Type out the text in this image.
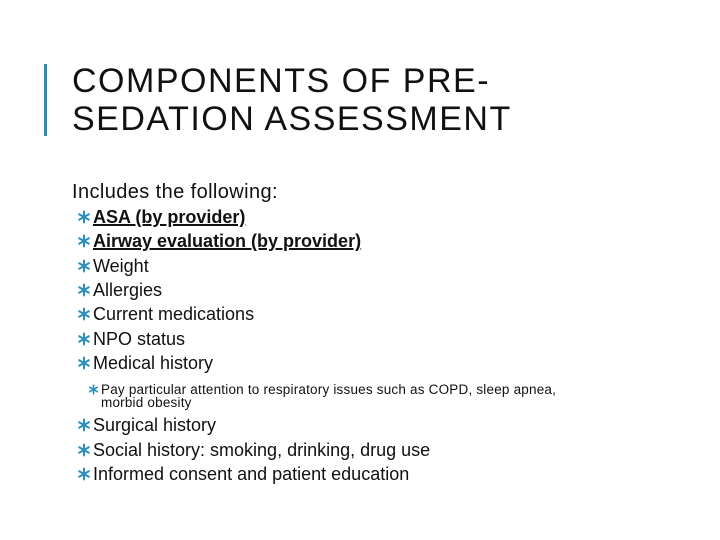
COMPONENTS OF PRE-
SEDATION ASSESSMENT
Includes the following:
ASA (by provider)
Airway evaluation (by provider)
Weight
Allergies
Current medications
NPO status
Medical history
Pay particular attention to respiratory issues such as COPD, sleep apnea,
morbid obesity
Surgical history
Social history: smoking, drinking, drug use
Informed consent and patient education
